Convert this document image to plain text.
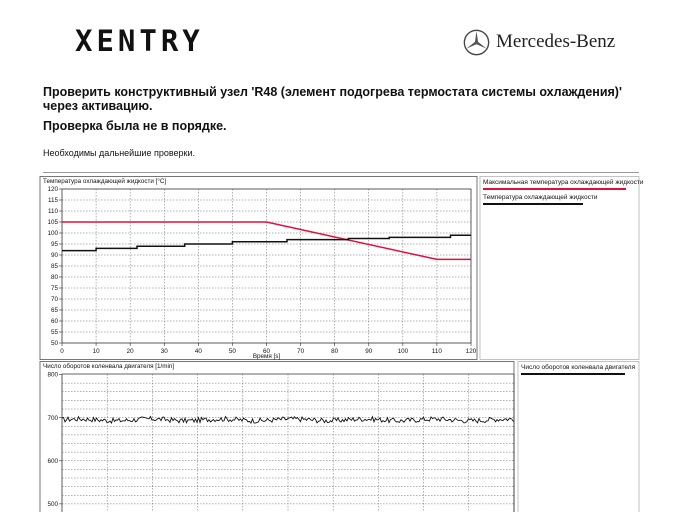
XENTRY	Mercedes-Benz

Проверить конструктивный узел 'R48 (элемент подогрева термостата системы охлаждения)' через активацию.

Проверка была не в порядке.

Необходимы дальнейшие проверки.

50
55
60
65
70
75
80
85
90
95
100
105
110
115
120
0	10	20	30	40	50	60	70	80	90	100	110	120
Температура охлаждающей жидкости [°C]
Время [s]
500
600
700
800
Число оборотов коленвала двигателя [1/min]
Максимальная температура охлаждающей жидкости
Температура охлаждающей жидкости
Число оборотов коленвала двигателя
